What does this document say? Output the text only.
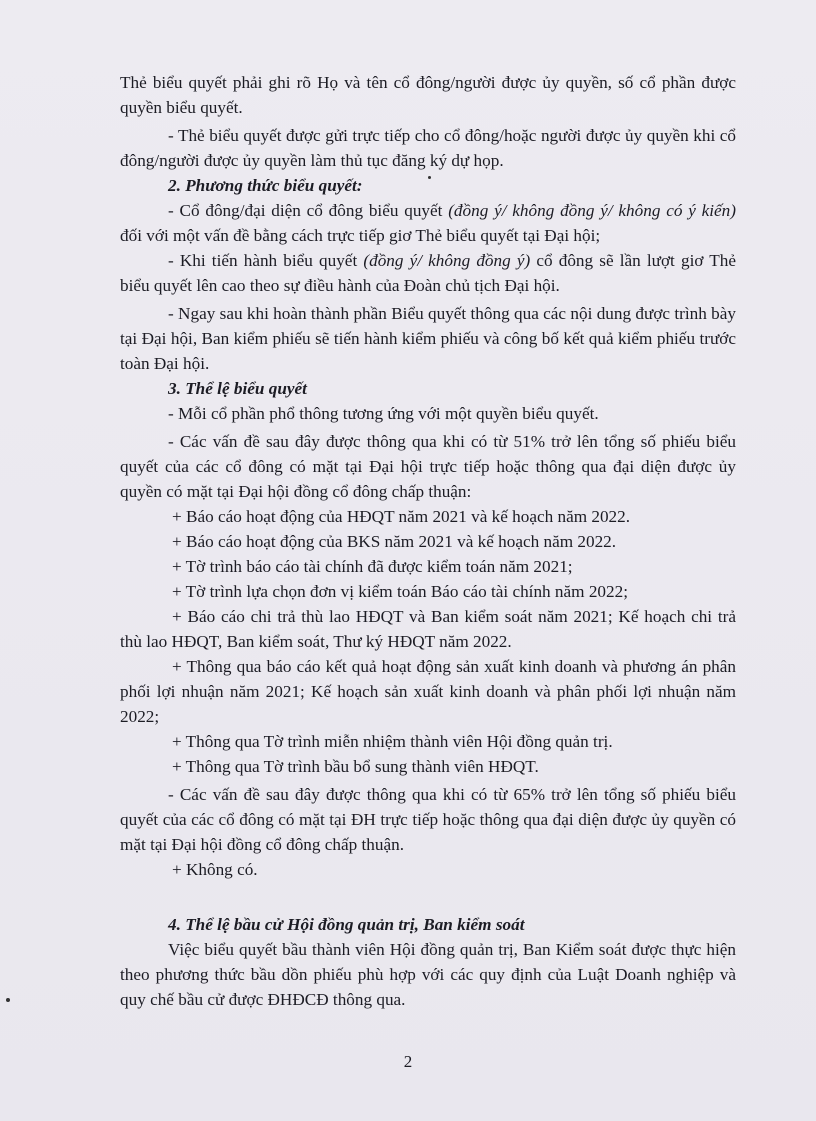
Thẻ biểu quyết phải ghi rõ Họ và tên cổ đông/người được ủy quyền, số cổ phần được quyền biểu quyết.

- Thẻ biểu quyết được gửi trực tiếp cho cổ đông/hoặc người được ủy quyền khi cổ đông/người được ủy quyền làm thủ tục đăng ký dự họp.

2. Phương thức biểu quyết:

- Cổ đông/đại diện cổ đông biểu quyết (đồng ý/ không đồng ý/ không có ý kiến) đối với một vấn đề bằng cách trực tiếp giơ Thẻ biểu quyết tại Đại hội;

- Khi tiến hành biểu quyết (đồng ý/ không đồng ý) cổ đông sẽ lần lượt giơ Thẻ biểu quyết lên cao theo sự điều hành của Đoàn chủ tịch Đại hội.

- Ngay sau khi hoàn thành phần Biểu quyết thông qua các nội dung được trình bày tại Đại hội, Ban kiểm phiếu sẽ tiến hành kiểm phiếu và công bố kết quả kiểm phiếu trước toàn Đại hội.

3. Thể lệ biểu quyết

- Mỗi cổ phần phổ thông tương ứng với một quyền biểu quyết.

- Các vấn đề sau đây được thông qua khi có từ 51% trở lên tổng số phiếu biểu quyết của các cổ đông có mặt tại Đại hội trực tiếp hoặc thông qua đại diện được ủy quyền có mặt tại Đại hội đồng cổ đông chấp thuận:

+ Báo cáo hoạt động của HĐQT năm 2021 và kế hoạch năm 2022.

+ Báo cáo hoạt động của BKS năm 2021 và kế hoạch năm 2022.

+ Tờ trình báo cáo tài chính đã được kiểm toán năm 2021;

+ Tờ trình lựa chọn đơn vị kiểm toán Báo cáo tài chính năm 2022;

+ Báo cáo chi trả thù lao HĐQT và Ban kiểm soát năm 2021; Kế hoạch chi trả thù lao HĐQT, Ban kiểm soát, Thư ký HĐQT năm 2022.

+ Thông qua báo cáo kết quả hoạt động sản xuất kinh doanh và phương án phân phối lợi nhuận năm 2021; Kế hoạch sản xuất kinh doanh và phân phối lợi nhuận năm 2022;

+ Thông qua Tờ trình miễn nhiệm thành viên Hội đồng quản trị.

+ Thông qua Tờ trình bầu bổ sung thành viên HĐQT.

- Các vấn đề sau đây được thông qua khi có từ 65% trở lên tổng số phiếu biểu quyết của các cổ đông có mặt tại ĐH trực tiếp hoặc thông qua đại diện được ủy quyền có mặt tại Đại hội đồng cổ đông chấp thuận.

+ Không có.

4. Thể lệ bầu cử Hội đồng quản trị, Ban kiểm soát

Việc biểu quyết bầu thành viên Hội đồng quản trị, Ban Kiểm soát được thực hiện theo phương thức bầu dồn phiếu phù hợp với các quy định của Luật Doanh nghiệp và quy chế bầu cử được ĐHĐCĐ thông qua.

2
